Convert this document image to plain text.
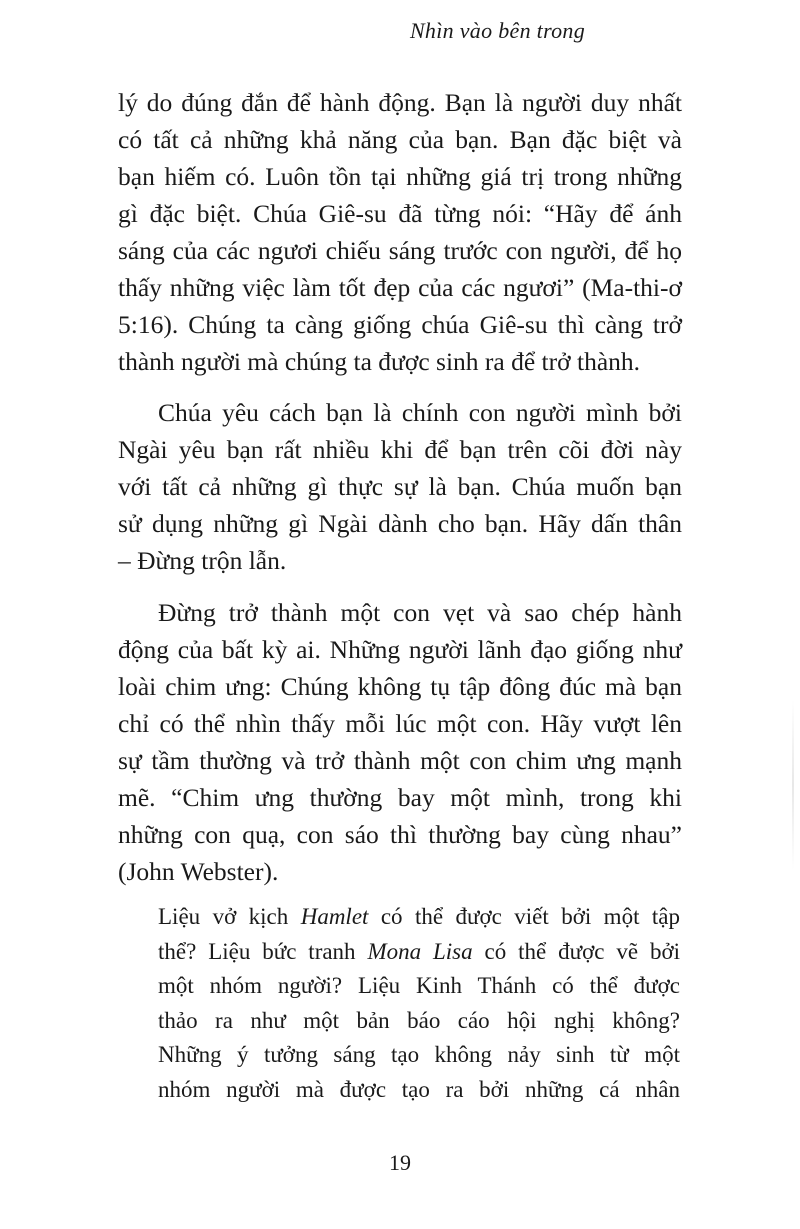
Nhìn vào bên trong
lý do đúng đắn để hành động. Bạn là người duy nhất
có tất cả những khả năng của bạn. Bạn đặc biệt và
bạn hiếm có. Luôn tồn tại những giá trị trong những
gì đặc biệt. Chúa Giê-su đã từng nói: “Hãy để ánh
sáng của các ngươi chiếu sáng trước con người, để họ
thấy những việc làm tốt đẹp của các ngươi” (Ma-thi-ơ
5:16). Chúng ta càng giống chúa Giê-su thì càng trở
thành người mà chúng ta được sinh ra để trở thành.
Chúa yêu cách bạn là chính con người mình bởi
Ngài yêu bạn rất nhiều khi để bạn trên cõi đời này
với tất cả những gì thực sự là bạn. Chúa muốn bạn
sử dụng những gì Ngài dành cho bạn. Hãy dấn thân
– Đừng trộn lẫn.
Đừng trở thành một con vẹt và sao chép hành
động của bất kỳ ai. Những người lãnh đạo giống như
loài chim ưng: Chúng không tụ tập đông đúc mà bạn
chỉ có thể nhìn thấy mỗi lúc một con. Hãy vượt lên
sự tầm thường và trở thành một con chim ưng mạnh
mẽ. “Chim ưng thường bay một mình, trong khi
những con quạ, con sáo thì thường bay cùng nhau”
(John Webster).
Liệu vở kịch Hamlet có thể được viết bởi một tập
thể? Liệu bức tranh Mona Lisa có thể được vẽ bởi
một nhóm người? Liệu Kinh Thánh có thể được
thảo ra như một bản báo cáo hội nghị không?
Những ý tưởng sáng tạo không nảy sinh từ một
nhóm người mà được tạo ra bởi những cá nhân
19
